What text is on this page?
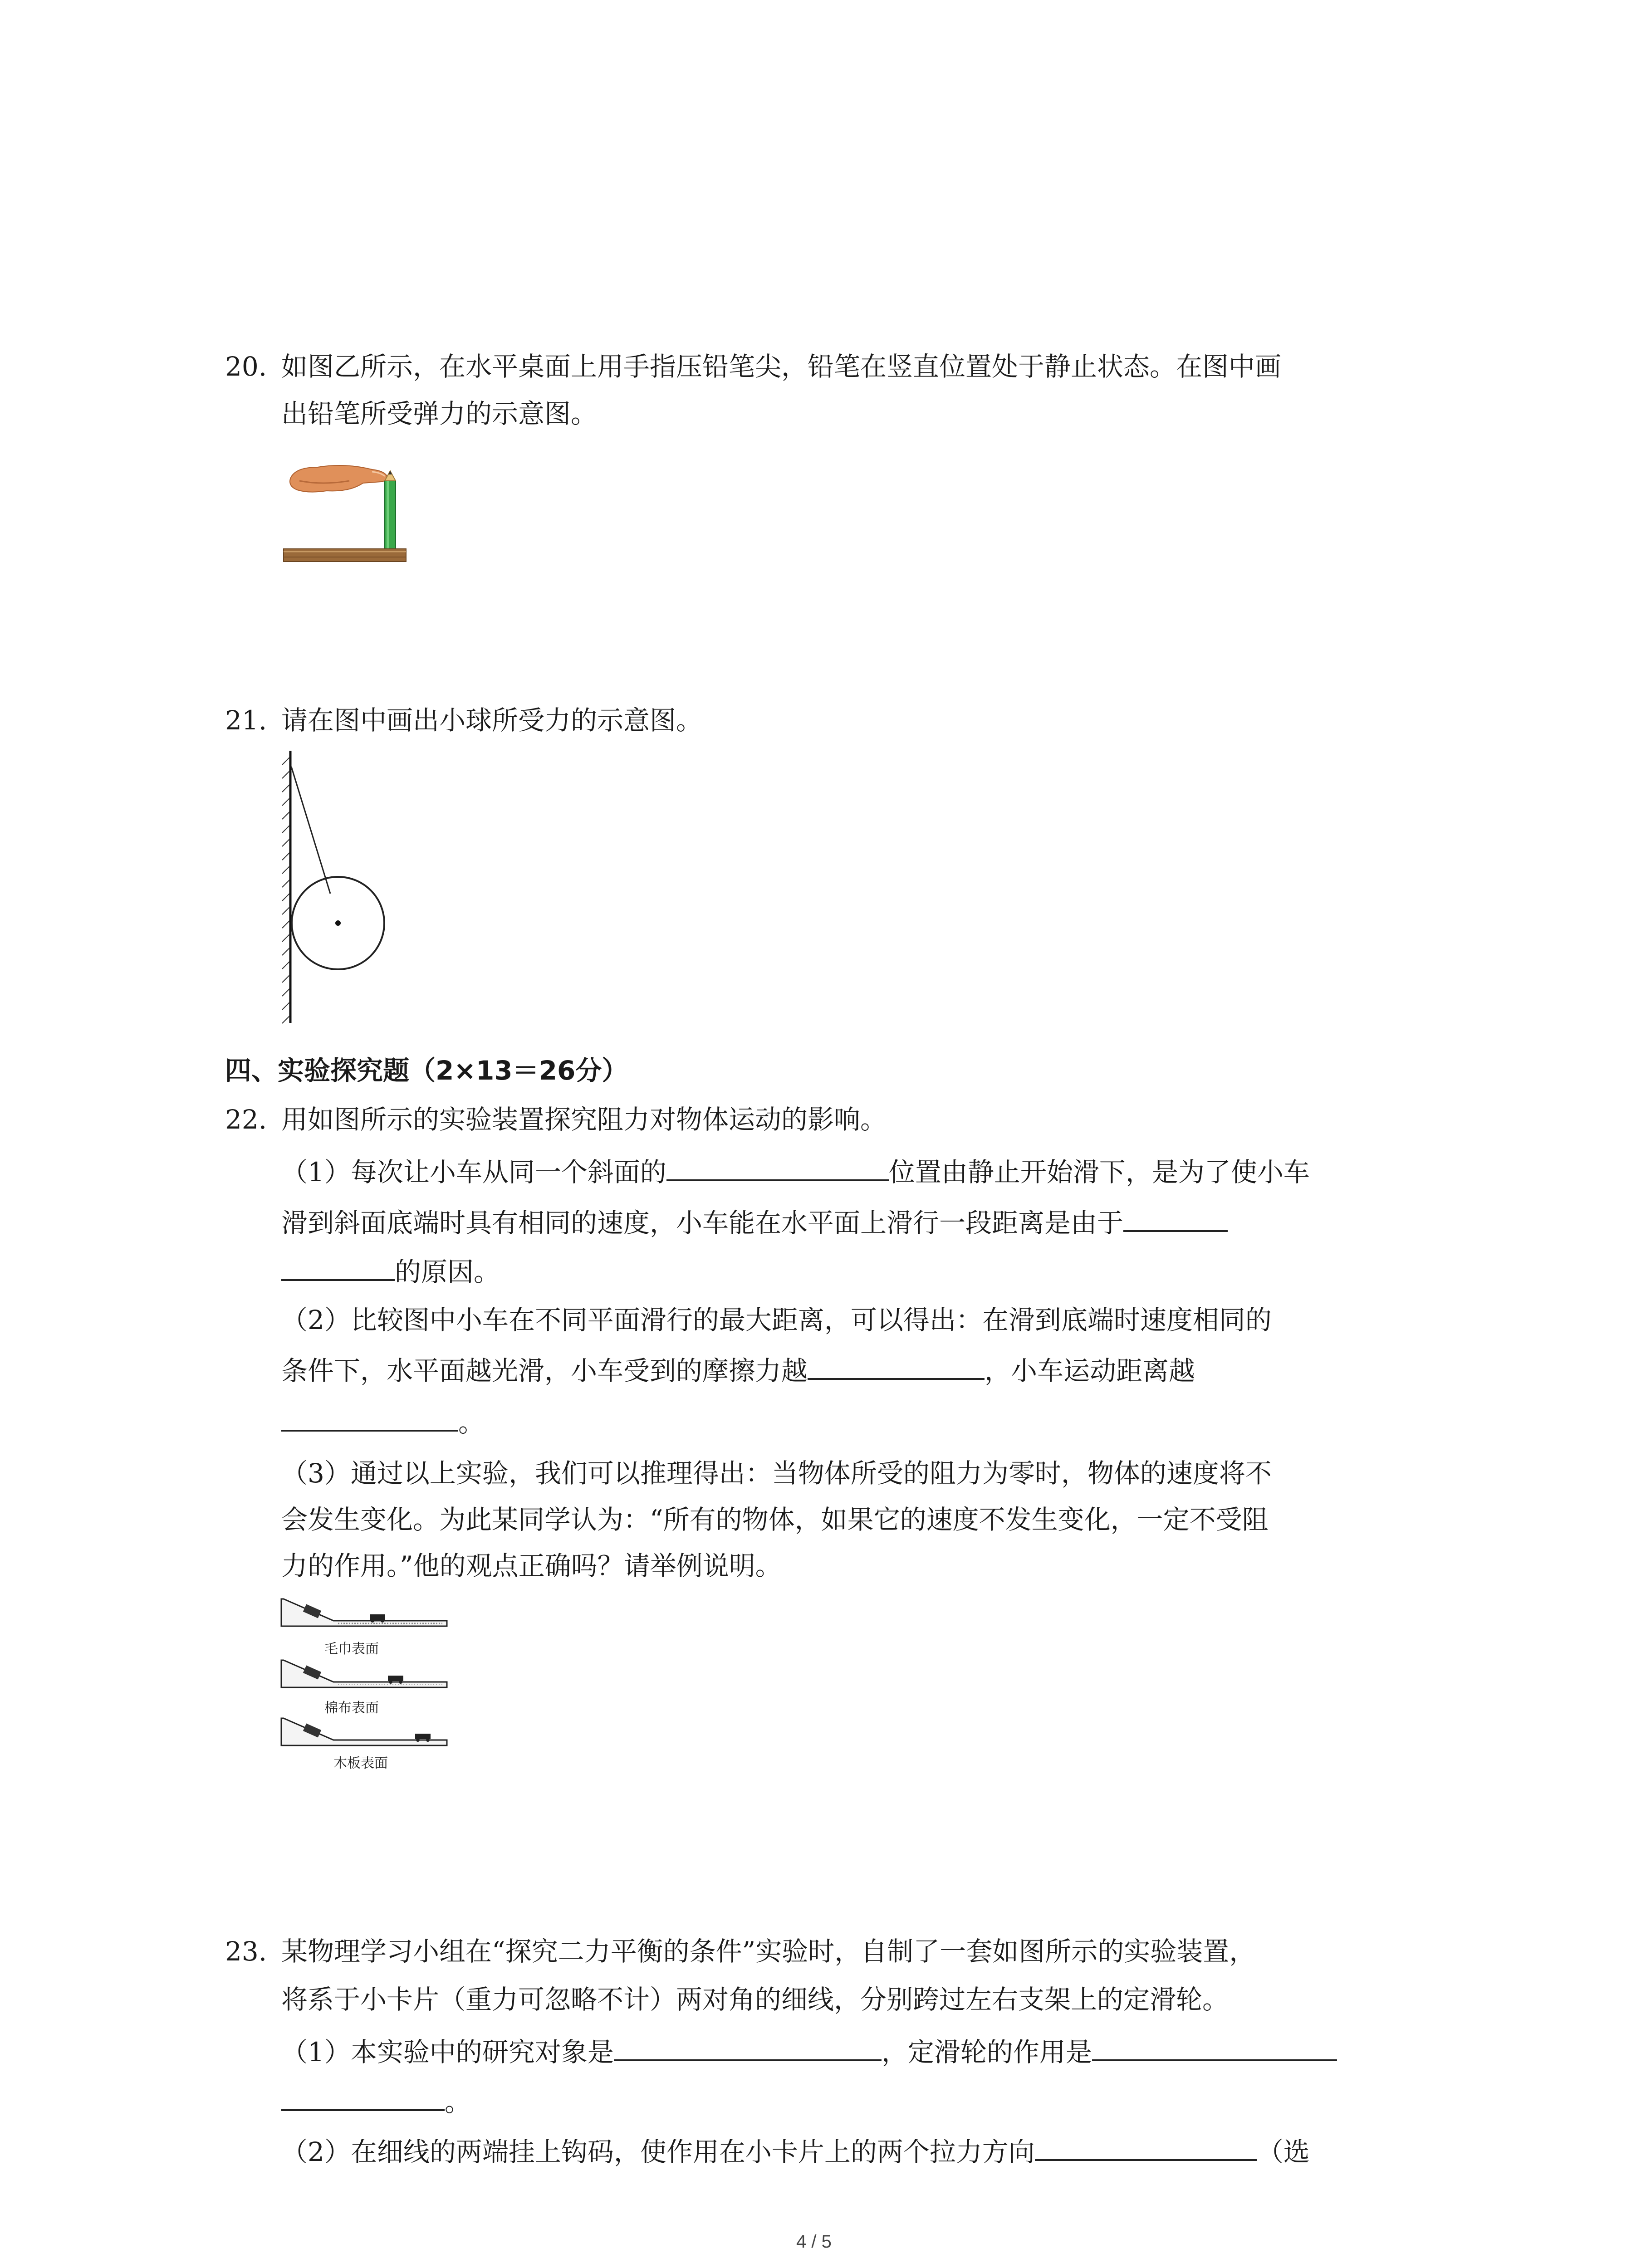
20. 如图乙所示，在水平桌面上用手指压铅笔尖，铅笔在竖直位置处于静止状态。在图中画
出铅笔所受弹力的示意图。
21. 请在图中画出小球所受力的示意图。
四、实验探究题（2×13＝26分）
22. 用如图所示的实验装置探究阻力对物体运动的影响。
（1）每次让小车从同一个斜面的	位置由静止开始滑下，是为了使小车
滑到斜面底端时具有相同的速度，小车能在水平面上滑行一段距离是由于
的原因。
（2）比较图中小车在不同平面滑行的最大距离，可以得出：在滑到底端时速度相同的
条件下，水平面越光滑，小车受到的摩擦力越	，小车运动距离越
。
（3）通过以上实验，我们可以推理得出：当物体所受的阻力为零时，物体的速度将不
会发生变化。为此某同学认为：“所有的物体，如果它的速度不发生变化，一定不受阻
力的作用。”他的观点正确吗？请举例说明。
毛巾表面
棉布表面
木板表面
23. 某物理学习小组在“探究二力平衡的条件”实验时，自制了一套如图所示的实验装置，
将系于小卡片（重力可忽略不计）两对角的细线，分别跨过左右支架上的定滑轮。
（1）本实验中的研究对象是	，定滑轮的作用是
。
（2）在细线的两端挂上钩码，使作用在小卡片上的两个拉力方向	（选
4 / 5
